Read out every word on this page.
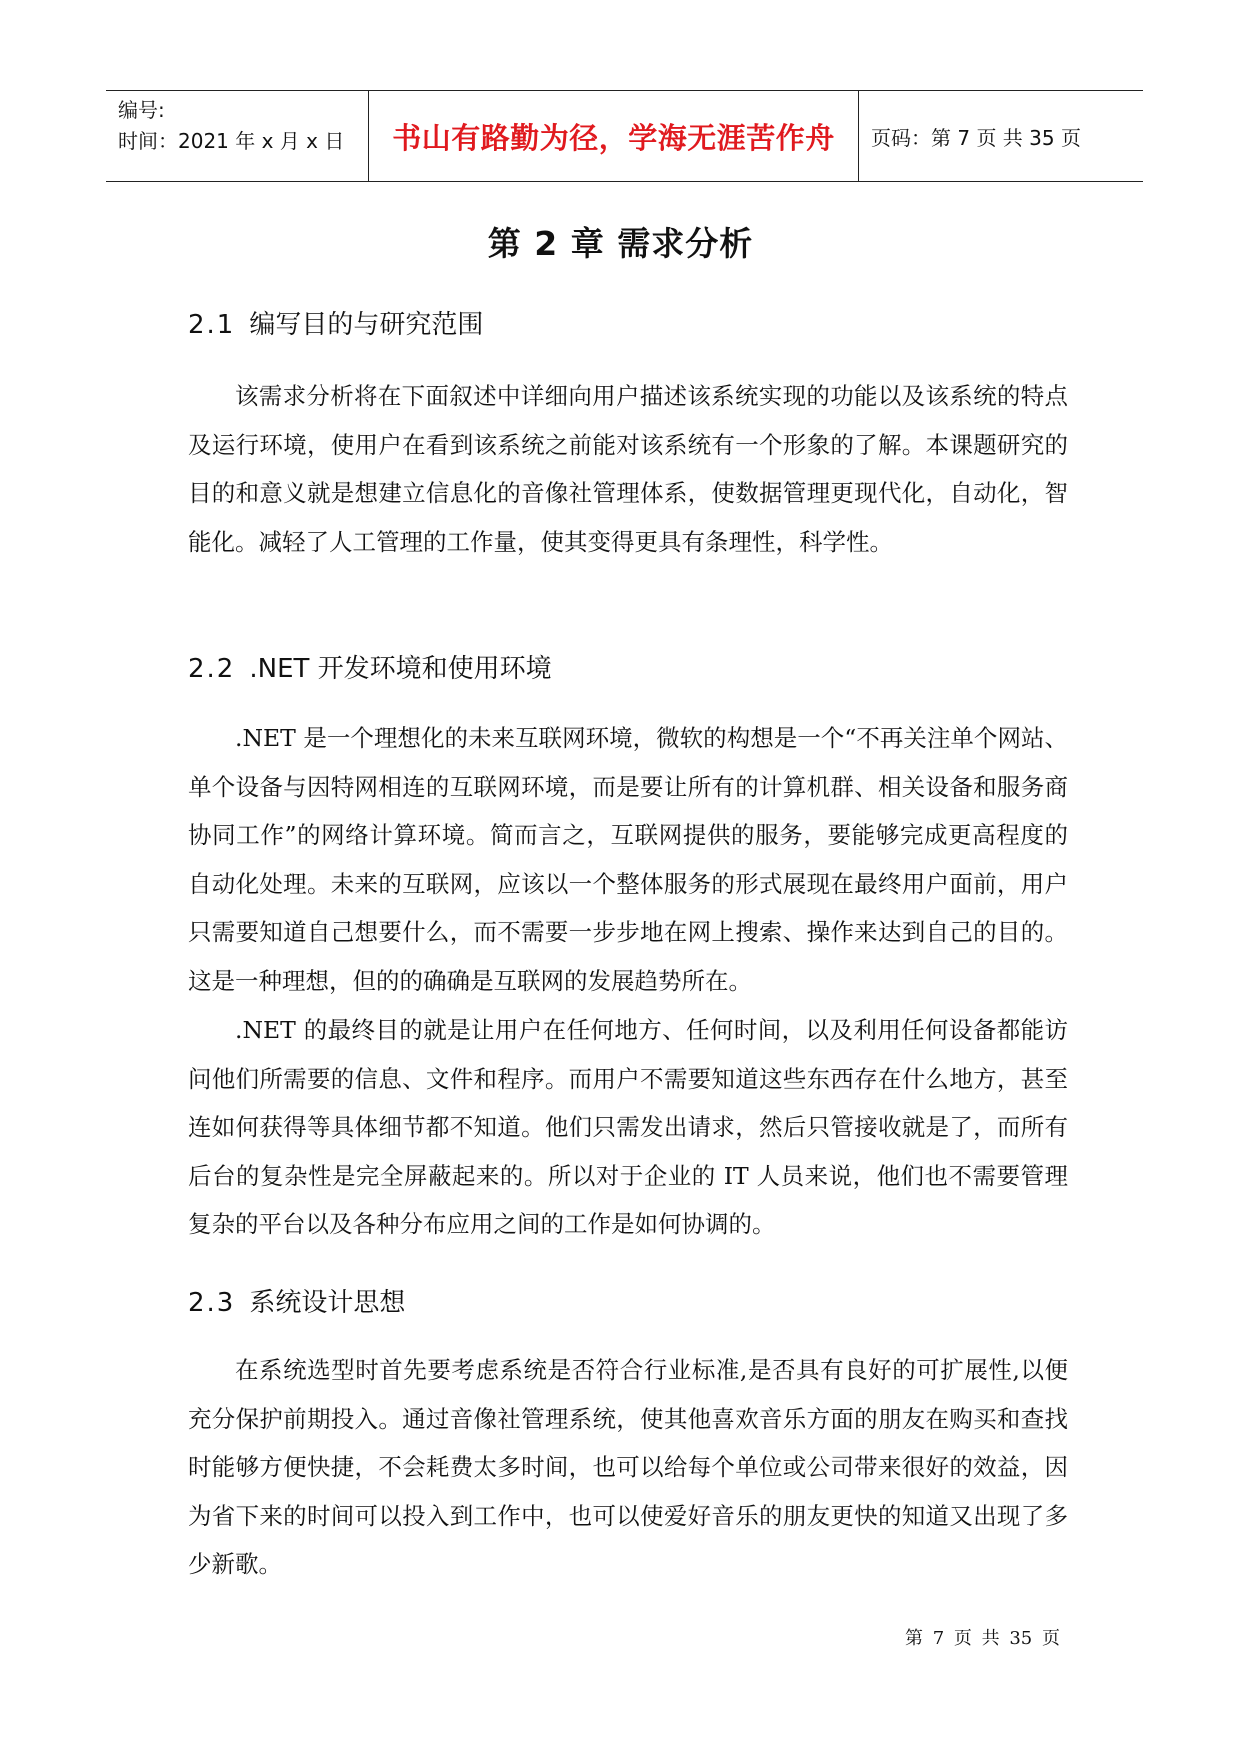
编号:
时间：2021 年 x 月 x 日	书山有路勤为径，学海无涯苦作舟	页码：第 7 页 共 35 页
第 2 章 需求分析
2.1 编写目的与研究范围

该需求分析将在下面叙述中详细向用户描述该系统实现的功能以及该系统的特点及运行环境，使用户在看到该系统之前能对该系统有一个形象的了解。本课题研究的目的和意义就是想建立信息化的音像社管理体系，使数据管理更现代化，自动化，智能化。减轻了人工管理的工作量，使其变得更具有条理性，科学性。

2.2 .NET 开发环境和使用环境

.NET 是一个理想化的未来互联网环境，微软的构想是一个“不再关注单个网站、单个设备与因特网相连的互联网环境，而是要让所有的计算机群、相关设备和服务商协同工作”的网络计算环境。简而言之，互联网提供的服务，要能够完成更高程度的自动化处理。未来的互联网，应该以一个整体服务的形式展现在最终用户面前，用户只需要知道自己想要什么，而不需要一步步地在网上搜索、操作来达到自己的目的。这是一种理想，但的的确确是互联网的发展趋势所在。

.NET 的最终目的就是让用户在任何地方、任何时间，以及利用任何设备都能访问他们所需要的信息、文件和程序。而用户不需要知道这些东西存在什么地方，甚至连如何获得等具体细节都不知道。他们只需发出请求，然后只管接收就是了，而所有后台的复杂性是完全屏蔽起来的。所以对于企业的 IT 人员来说，他们也不需要管理复杂的平台以及各种分布应用之间的工作是如何协调的。

2.3 系统设计思想

在系统选型时首先要考虑系统是否符合行业标准,是否具有良好的可扩展性,以便充分保护前期投入。通过音像社管理系统，使其他喜欢音乐方面的朋友在购买和查找时能够方便快捷，不会耗费太多时间，也可以给每个单位或公司带来很好的效益，因为省下来的时间可以投入到工作中，也可以使爱好音乐的朋友更快的知道又出现了多少新歌。

第 7 页 共 35 页
